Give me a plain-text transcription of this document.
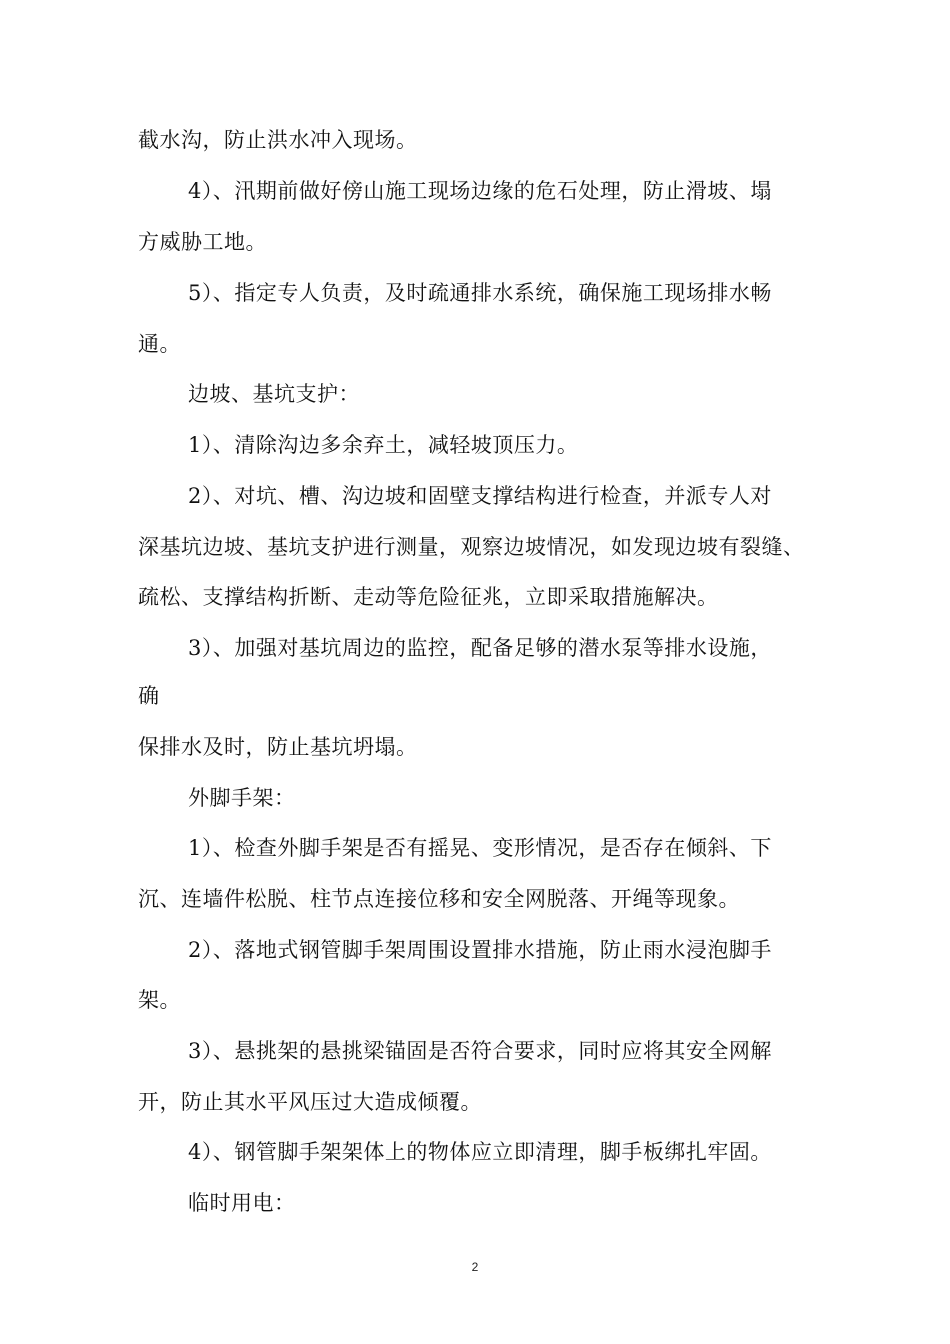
截水沟，防止洪水冲入现场。
4）、汛期前做好傍山施工现场边缘的危石处理，防止滑坡、塌
方威胁工地。
5）、指定专人负责，及时疏通排水系统，确保施工现场排水畅
通。
边坡、基坑支护：
1）、清除沟边多余弃土，减轻坡顶压力。
2）、对坑、槽、沟边坡和固壁支撑结构进行检查，并派专人对
深基坑边坡、基坑支护进行测量，观察边坡情况，如发现边坡有裂缝、
疏松、支撑结构折断、走动等危险征兆，立即采取措施解决。
3）、加强对基坑周边的监控，配备足够的潜水泵等排水设施，
确
保排水及时，防止基坑坍塌。
外脚手架：
1）、检查外脚手架是否有摇晃、变形情况，是否存在倾斜、下
沉、连墙件松脱、柱节点连接位移和安全网脱落、开绳等现象。
2）、落地式钢管脚手架周围设置排水措施，防止雨水浸泡脚手
架。
3）、悬挑架的悬挑梁锚固是否符合要求，同时应将其安全网解
开，防止其水平风压过大造成倾覆。
4）、钢管脚手架架体上的物体应立即清理，脚手板绑扎牢固。
临时用电：
2
